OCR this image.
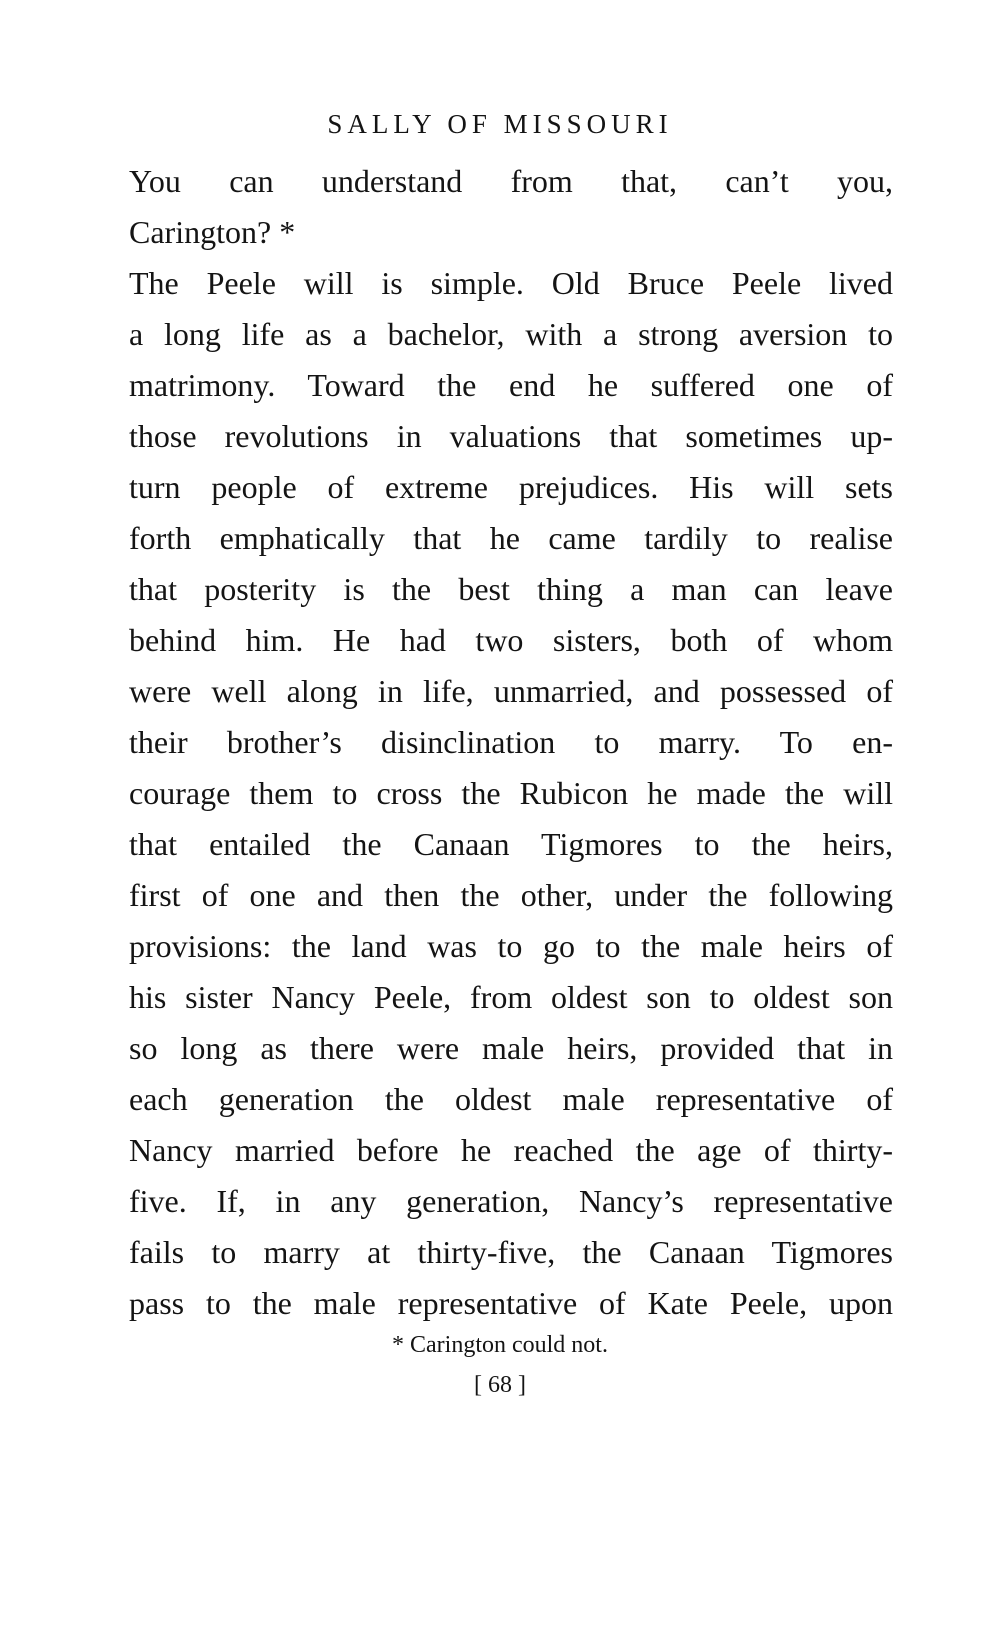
SALLY OF MISSOURI

You can understand from that, can’t you,
Carington? *

The Peele will is simple. Old Bruce Peele lived
a long life as a bachelor, with a strong aversion to
matrimony. Toward the end he suffered one of
those revolutions in valuations that sometimes up-
turn people of extreme prejudices. His will sets
forth emphatically that he came tardily to realise
that posterity is the best thing a man can leave
behind him. He had two sisters, both of whom
were well along in life, unmarried, and possessed of
their brother’s disinclination to marry. To en-
courage them to cross the Rubicon he made the will
that entailed the Canaan Tigmores to the heirs,
first of one and then the other, under the following
provisions: the land was to go to the male heirs of
his sister Nancy Peele, from oldest son to oldest son
so long as there were male heirs, provided that in
each generation the oldest male representative of
Nancy married before he reached the age of thirty-
five. If, in any generation, Nancy’s representative
fails to marry at thirty-five, the Canaan Tigmores
pass to the male representative of Kate Peele, upon

* Carington could not.
[ 68 ]
